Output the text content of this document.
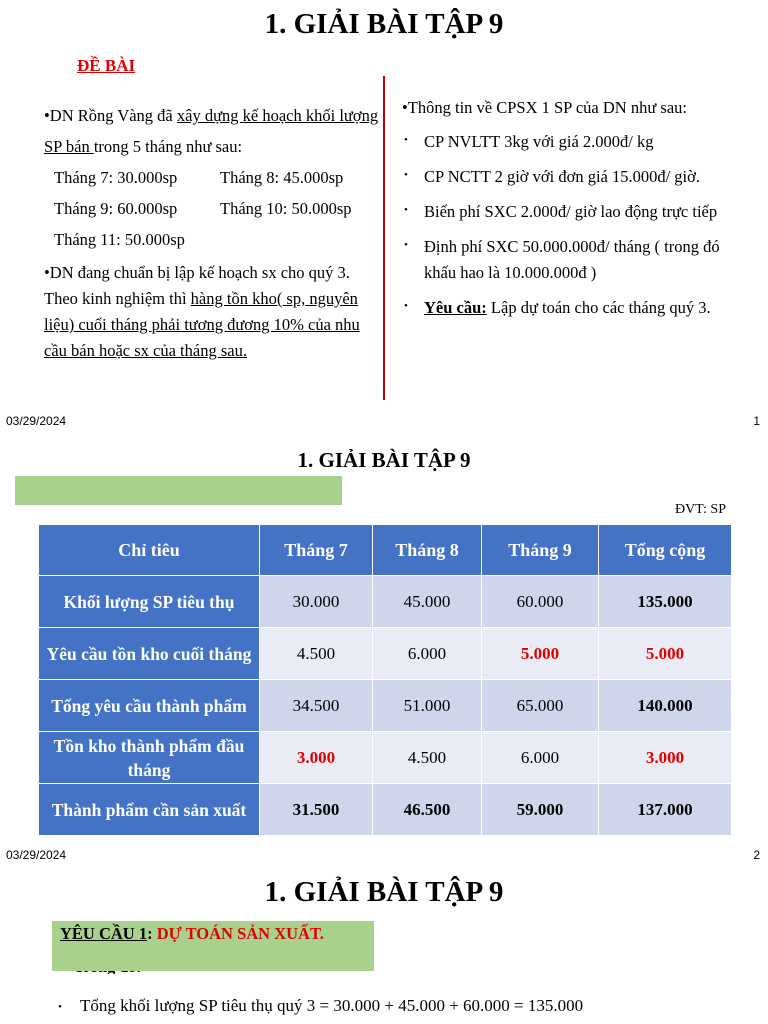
1. GIẢI BÀI TẬP 9
ĐỀ BÀI

•DN Rồng Vàng đã xây dựng kế hoạch khối lượng SP bán trong 5 tháng như sau:

Tháng 7: 30.000sp	Tháng 8: 45.000sp
Tháng 9: 60.000sp	Tháng 10: 50.000sp
Tháng 11: 50.000sp

•DN đang chuẩn bị lập kế hoạch sx cho quý 3. Theo kinh nghiệm thì hàng tồn kho( sp, nguyên liệu) cuối tháng phải tương đương 10% của nhu cầu bán hoặc sx của tháng sau.

•Thông tin về CPSX 1 SP của DN như sau:

• CP NVLTT 3kg với giá 2.000đ/ kg
• CP NCTT 2 giờ với đơn giá 15.000đ/ giờ.
• Biến phí SXC 2.000đ/ giờ lao động trực tiếp
• Định phí SXC 50.000.000đ/ tháng ( trong đó khấu hao là 10.000.000đ )
• Yêu cầu: Lập dự toán cho các tháng quý 3.
03/29/2024	1
1. GIẢI BÀI TẬP 9
ĐVT: SP
Chỉ tiêu	Tháng 7	Tháng 8	Tháng 9	Tổng cộng
Khối lượng SP tiêu thụ	30.000	45.000	60.000	135.000
Yêu cầu tồn kho cuối tháng	4.500	6.000	5.000	5.000
Tổng yêu cầu thành phẩm	34.500	51.000	65.000	140.000
Tồn kho thành phẩm đầu tháng	3.000	4.500	6.000	3.000
Thành phẩm cần sản xuất	31.500	46.500	59.000	137.000
03/29/2024	2
1. GIẢI BÀI TẬP 9
YÊU CẦU 1: DỰ TOÁN SẢN XUẤT.
•	Tổng khối lượng SP tiêu thụ quý 3 = 30.000 + 45.000 + 60.000 = 135.000
